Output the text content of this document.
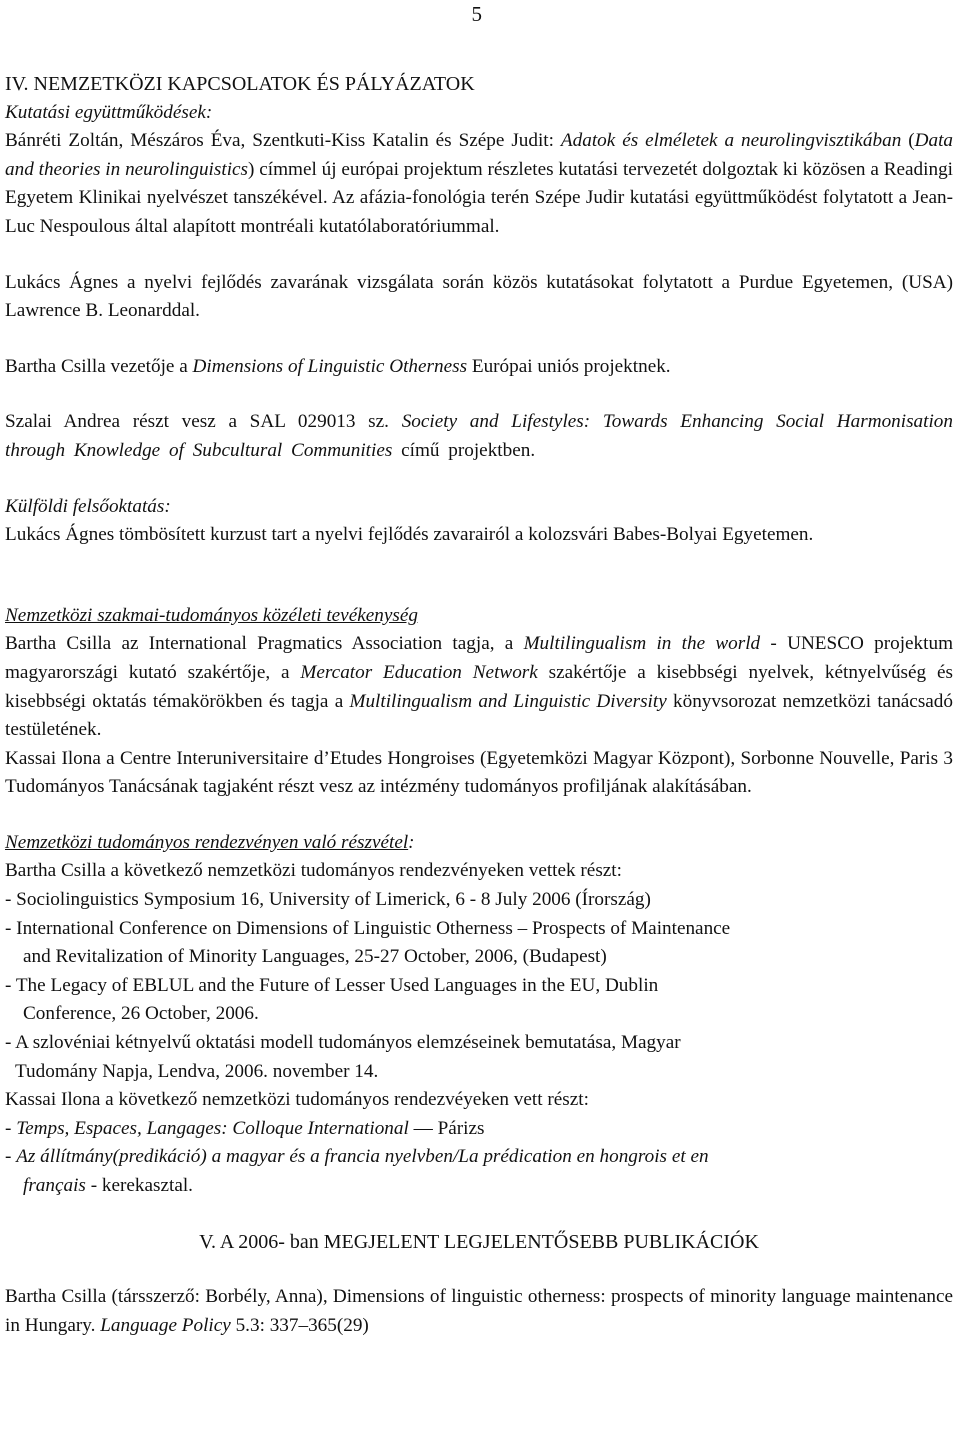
5

IV. NEMZETKÖZI KAPCSOLATOK ÉS PÁLYÁZATOK

Kutatási együttműködések:

Bánréti Zoltán, Mészáros Éva, Szentkuti-Kiss Katalin és Szépe Judit: Adatok és elméletek a neurolingvisztikában (Data and theories in neurolinguistics) címmel új európai projektum részletes kutatási tervezetét dolgoztak ki közösen a Readingi Egyetem Klinikai nyelvészet tanszékével. Az afázia-fonológia terén Szépe Judir kutatási együttműködést folytatott a Jean-Luc Nespoulous által alapított montréali kutatólaboratóriummal.

Lukács Ágnes a nyelvi fejlődés zavarának vizsgálata során közös kutatásokat folytatott a Purdue Egyetemen, (USA) Lawrence B. Leonarddal.

Bartha Csilla vezetője a Dimensions of Linguistic Otherness Európai uniós projektnek.

Szalai Andrea részt vesz a SAL 029013 sz. Society and Lifestyles: Towards Enhancing Social Harmonisation through Knowledge of Subcultural Communities című projektben.

Külföldi felsőoktatás:

Lukács Ágnes tömbösített kurzust tart a nyelvi fejlődés zavarairól a kolozsvári Babes-Bolyai Egyetemen.

Nemzetközi szakmai-tudományos közéleti tevékenység

Bartha Csilla az International Pragmatics Association tagja, a Multilingualism in the world - UNESCO projektum magyarországi kutató szakértője, a Mercator Education Network szakértője a kisebbségi nyelvek, kétnyelvűség és kisebbségi oktatás témakörökben és tagja a Multilingualism and Linguistic Diversity könyvsorozat nemzetközi tanácsadó testületének.

Kassai Ilona a Centre Interuniversitaire d’Etudes Hongroises (Egyetemközi Magyar Központ), Sorbonne Nouvelle, Paris 3 Tudományos Tanácsának tagjaként részt vesz az intézmény tudományos profiljának alakításában.

Nemzetközi tudományos rendezvényen való részvétel:

Bartha Csilla a következő nemzetközi tudományos rendezvényeken vettek részt:

- Sociolinguistics Symposium 16, University of Limerick, 6 - 8 July 2006 (Írország)

- International Conference on Dimensions of Linguistic Otherness – Prospects of Maintenance

and Revitalization of Minority Languages, 25-27 October, 2006, (Budapest)

- The Legacy of EBLUL and the Future of Lesser Used Languages in the EU, Dublin

Conference, 26 October, 2006.

- A szlovéniai kétnyelvű oktatási modell tudományos elemzéseinek bemutatása, Magyar

Tudomány Napja, Lendva, 2006. november 14.

Kassai Ilona a következő nemzetközi tudományos rendezvéyeken vett részt:

- Temps, Espaces, Langages: Colloque International — Párizs

- Az állítmány(predikáció) a magyar és a francia nyelvben/La prédication en hongrois et en

français - kerekasztal.

V. A 2006- ban MEGJELENT LEGJELENTŐSEBB PUBLIKÁCIÓK

Bartha Csilla (társszerző: Borbély, Anna), Dimensions of linguistic otherness: prospects of minority language maintenance in Hungary. Language Policy 5.3: 337–365(29)
